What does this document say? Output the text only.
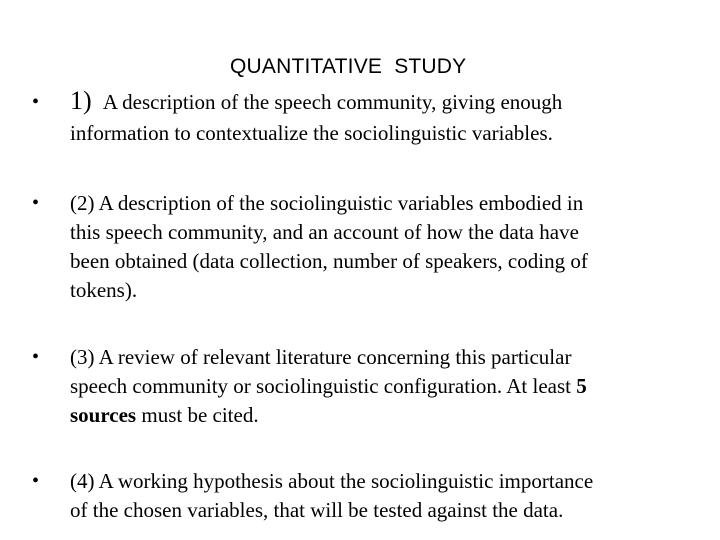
QUANTITATIVE  STUDY
• 1) A description of the speech community, giving enough
information to contextualize the sociolinguistic variables.
• (2) A description of the sociolinguistic variables embodied in
this speech community, and an account of how the data have
been obtained (data collection, number of speakers, coding of
tokens).
• (3) A review of relevant literature concerning this particular
speech community or sociolinguistic configuration. At least 5
sources must be cited.
• (4) A working hypothesis about the sociolinguistic importance
of the chosen variables, that will be tested against the data.
